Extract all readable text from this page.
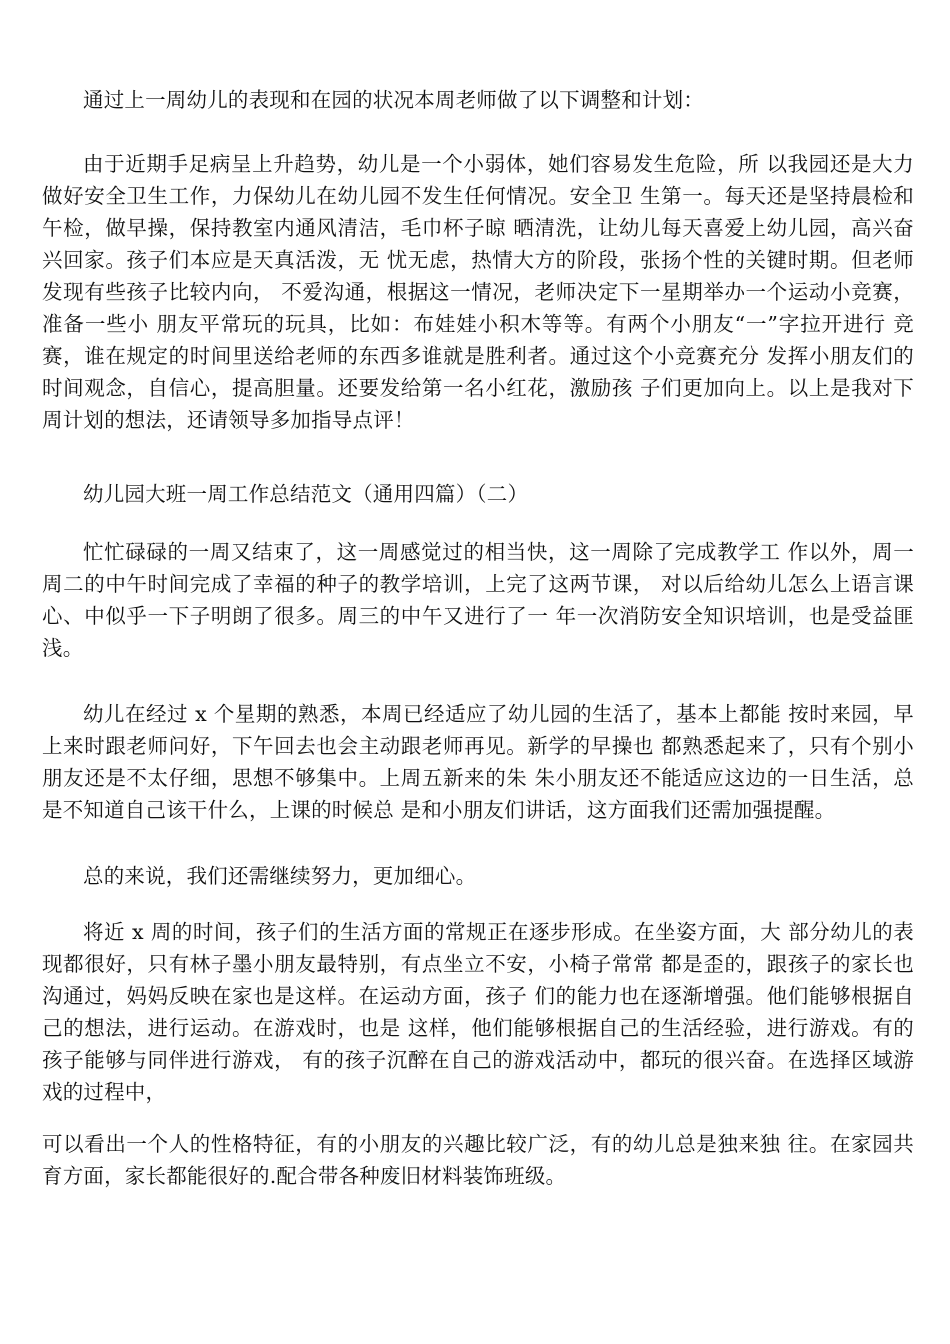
通过上一周幼儿的表现和在园的状况本周老师做了以下调整和计划：

由于近期手足病呈上升趋势，幼儿是一个小弱体，她们容易发生危险，所 以我园还是大力做好安全卫生工作，力保幼儿在幼儿园不发生任何情况。安全卫 生第一。每天还是坚持晨检和午检，做早操，保持教室内通风清洁，毛巾杯子晾 晒清洗，让幼儿每天喜爱上幼儿园，高兴奋兴回家。孩子们本应是天真活泼，无 忧无虑，热情大方的阶段，张扬个性的关键时期。但老师发现有些孩子比较内向， 不爱沟通，根据这一情况，老师决定下一星期举办一个运动小竞赛，准备一些小 朋友平常玩的玩具，比如：布娃娃小积木等等。有两个小朋友“一”字拉开进行 竞赛，谁在规定的时间里送给老师的东西多谁就是胜利者。通过这个小竞赛充分 发挥小朋友们的时间观念，自信心，提高胆量。还要发给第一名小红花，激励孩 子们更加向上。以上是我对下周计划的想法，还请领导多加指导点评！

幼儿园大班一周工作总结范文（通用四篇）（二）

忙忙碌碌的一周又结束了，这一周感觉过的相当快，这一周除了完成教学工 作以外，周一周二的中午时间完成了幸福的种子的教学培训，上完了这两节课， 对以后给幼儿怎么上语言课心、中似乎一下子明朗了很多。周三的中午又进行了一 年一次消防安全知识培训，也是受益匪浅。

幼儿在经过 x 个星期的熟悉，本周已经适应了幼儿园的生活了，基本上都能 按时来园，早上来时跟老师问好，下午回去也会主动跟老师再见。新学的早操也 都熟悉起来了，只有个别小朋友还是不太仔细，思想不够集中。上周五新来的朱 朱小朋友还不能适应这边的一日生活，总是不知道自己该干什么，上课的时候总 是和小朋友们讲话，这方面我们还需加强提醒。

总的来说，我们还需继续努力，更加细心。

将近 x 周的时间，孩子们的生活方面的常规正在逐步形成。在坐姿方面，大 部分幼儿的表现都很好，只有林子墨小朋友最特别，有点坐立不安，小椅子常常 都是歪的，跟孩子的家长也沟通过，妈妈反映在家也是这样。在运动方面，孩子 们的能力也在逐渐增强。他们能够根据自己的想法，进行运动。在游戏时，也是 这样，他们能够根据自己的生活经验，进行游戏。有的孩子能够与同伴进行游戏， 有的孩子沉醉在自己的游戏活动中，都玩的很兴奋。在选择区域游戏的过程中，

可以看出一个人的性格特征，有的小朋友的兴趣比较广泛，有的幼儿总是独来独 往。在家园共育方面，家长都能很好的.配合带各种废旧材料装饰班级。
